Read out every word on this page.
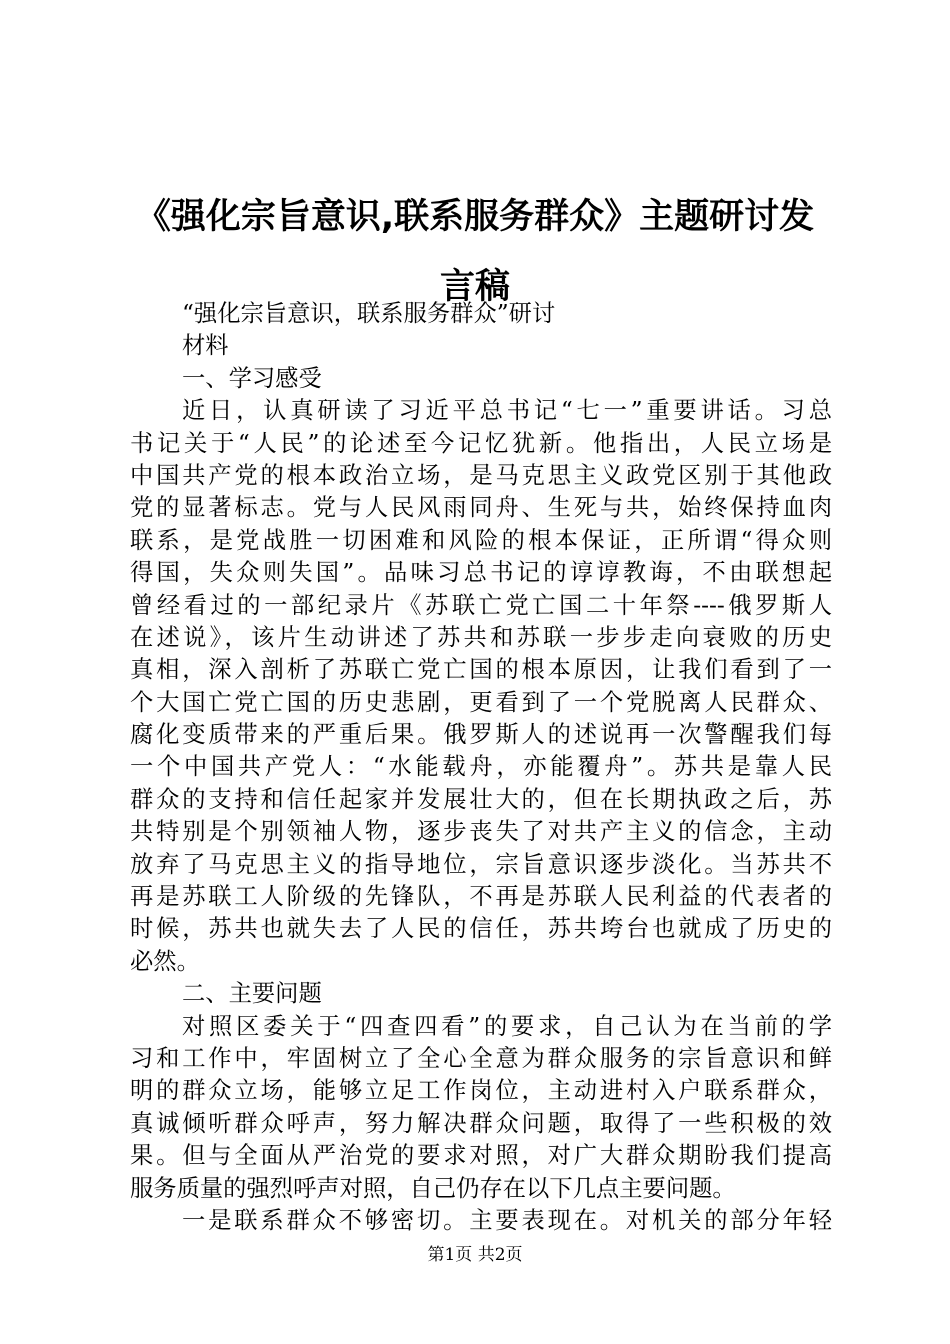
《强化宗旨意识,联系服务群众》主题研讨发
言稿
“强化宗旨意识，联系服务群众”研讨
材料
一、学习感受
近日，认真研读了习近平总书记“七一”重要讲话。习总
书记关于“人民”的论述至今记忆犹新。他指出，人民立场是
中国共产党的根本政治立场，是马克思主义政党区别于其他政
党的显著标志。党与人民风雨同舟、生死与共，始终保持血肉
联系，是党战胜一切困难和风险的根本保证，正所谓“得众则
得国，失众则失国”。品味习总书记的谆谆教诲，不由联想起
曾经看过的一部纪录片《苏联亡党亡国二十年祭----俄罗斯人
在述说》，该片生动讲述了苏共和苏联一步步走向衰败的历史
真相，深入剖析了苏联亡党亡国的根本原因，让我们看到了一
个大国亡党亡国的历史悲剧，更看到了一个党脱离人民群众、
腐化变质带来的严重后果。俄罗斯人的述说再一次警醒我们每
一个中国共产党人：“水能载舟，亦能覆舟”。苏共是靠人民
群众的支持和信任起家并发展壮大的，但在长期执政之后，苏
共特别是个别领袖人物，逐步丧失了对共产主义的信念，主动
放弃了马克思主义的指导地位，宗旨意识逐步淡化。当苏共不
再是苏联工人阶级的先锋队，不再是苏联人民利益的代表者的
时候，苏共也就失去了人民的信任，苏共垮台也就成了历史的
必然。
二、主要问题
对照区委关于“四查四看”的要求，自己认为在当前的学
习和工作中，牢固树立了全心全意为群众服务的宗旨意识和鲜
明的群众立场，能够立足工作岗位，主动进村入户联系群众，
真诚倾听群众呼声，努力解决群众问题，取得了一些积极的效
果。但与全面从严治党的要求对照，对广大群众期盼我们提高
服务质量的强烈呼声对照，自己仍存在以下几点主要问题。
一是联系群众不够密切。主要表现在。对机关的部分年轻
第1页 共2页
